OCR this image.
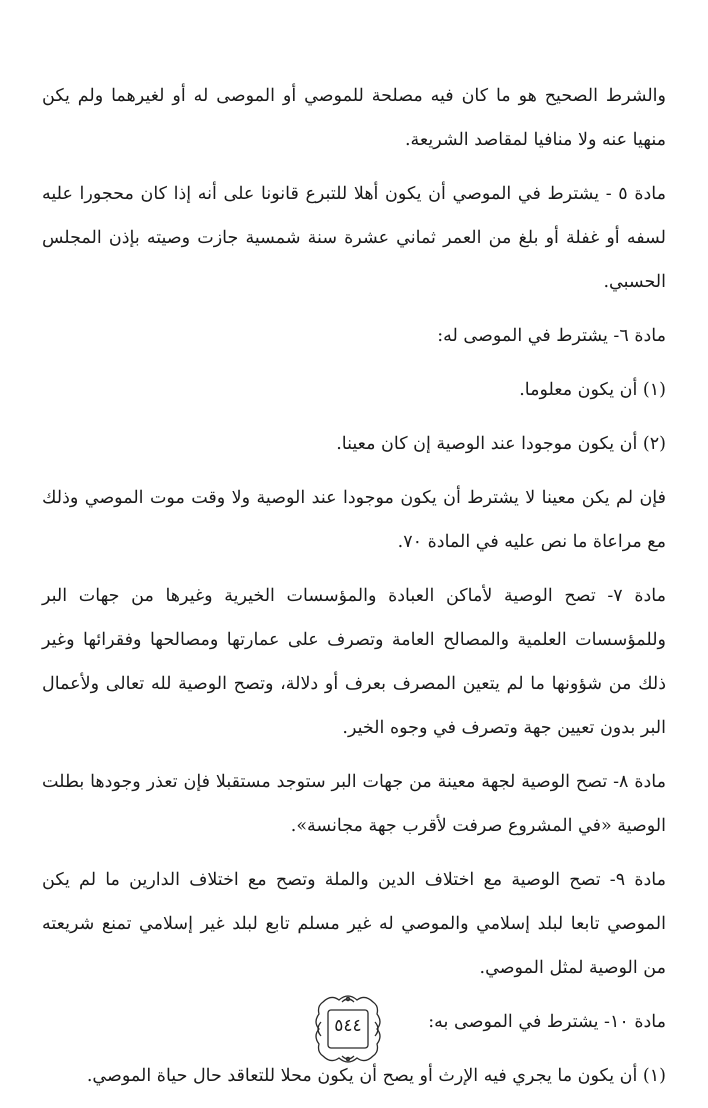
والشرط الصحيح هو ما كان فيه مصلحة للموصي أو الموصى له أو لغيرهما ولم يكن منهيا عنه ولا منافيا لمقاصد الشريعة.

مادة ٥ - يشترط في الموصي أن يكون أهلا للتبرع قانونا على أنه إذا كان محجورا عليه لسفه أو غفلة أو بلغ من العمر ثماني عشرة سنة شمسية جازت وصيته بإذن المجلس الحسبي.

مادة ٦- يشترط في الموصى له:

(١) أن يكون معلوما.

(٢) أن يكون موجودا عند الوصية إن كان معينا.

فإن لم يكن معينا لا يشترط أن يكون موجودا عند الوصية ولا وقت موت الموصي وذلك مع مراعاة ما نص عليه في المادة ٧٠.

مادة ٧- تصح الوصية لأماكن العبادة والمؤسسات الخيرية وغيرها من جهات البر وللمؤسسات العلمية والمصالح العامة وتصرف على عمارتها ومصالحها وفقرائها وغير ذلك من شؤونها ما لم يتعين المصرف بعرف أو دلالة، وتصح الوصية لله تعالى ولأعمال البر بدون تعيين جهة وتصرف في وجوه الخير.

مادة ٨- تصح الوصية لجهة معينة من جهات البر ستوجد مستقبلا فإن تعذر وجودها بطلت الوصية «في المشروع صرفت لأقرب جهة مجانسة».

مادة ٩- تصح الوصية مع اختلاف الدين والملة وتصح مع اختلاف الدارين ما لم يكن الموصي تابعا لبلد إسلامي والموصي له غير مسلم تابع لبلد غير إسلامي تمنع شريعته من الوصية لمثل الموصي.

مادة ١٠- يشترط في الموصى به:

(١) أن يكون ما يجري فيه الإرث أو يصح أن يكون محلا للتعاقد حال حياة الموصي.

٥٤٤
